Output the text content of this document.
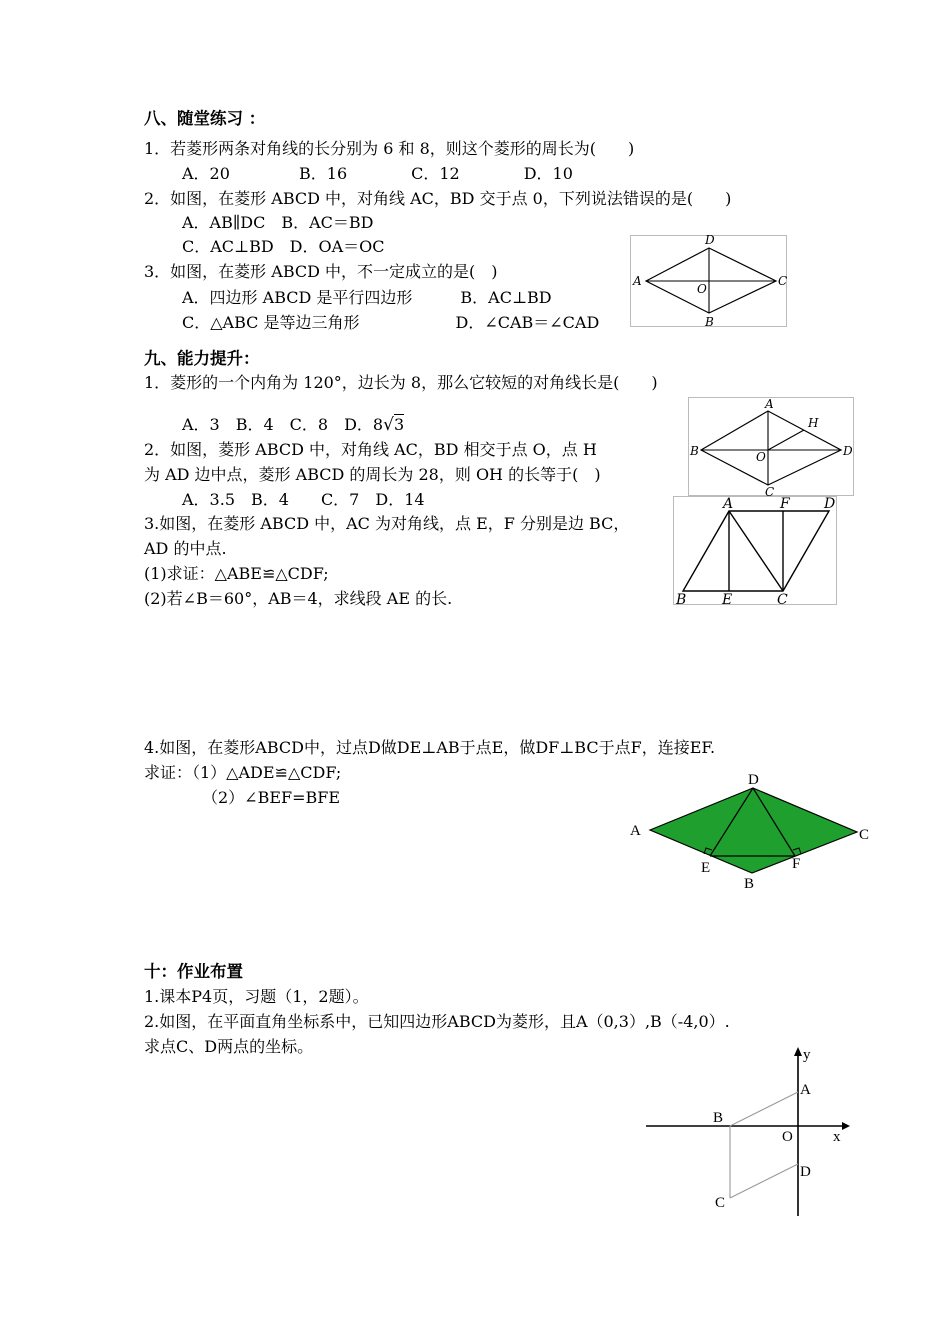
八、随堂练习 ：
1．若菱形两条对角线的长分别为 6 和 8，则这个菱形的周长为(　　)
A．20　　　　 B．16　　　　C．12　　　　D．10
2．如图，在菱形 ABCD 中，对角线 AC，BD 交于点 0，下列说法错误的是(　　)
A．AB∥DC　B．AC＝BD
C．AC⊥BD　D．OA＝OC
3．如图，在菱形 ABCD 中，不一定成立的是(　)
A．四边形 ABCD 是平行四边形　　　B．AC⊥BD
C．△ABC 是等边三角形　　　　　　D．∠CAB＝∠CAD
A
D
C
B
O
九、能力提升：
1．菱形的一个内角为 120°，边长为 8，那么它较短的对角线长是(　　)
A．3　B．4　C．8　D．8√3
2．如图，菱形 ABCD 中，对角线 AC，BD 相交于点 O，点 H
为 AD 边中点，菱形 ABCD 的周长为 28，则 OH 的长等于(　)
A．3.5　B．4　　C．7　D．14
3.如图，在菱形 ABCD 中，AC 为对角线，点 E，F 分别是边 BC，
AD 的中点.
(1)求证：△ABE≌△CDF;
(2)若∠B＝60°，AB＝4，求线段 AE 的长.
B
A
D
C
O
H
A	F D
B	E	C
4.如图，在菱形ABCD中，过点D做DE⊥AB于点E，做DF⊥BC于点F，连接EF.
求证：（1）△ADE≌△CDF;
（2）∠BEF=BFE
D
A	C
E	F
B
十：作业布置
1.课本P4页，习题（1，2题）。
2.如图，在平面直角坐标系中，已知四边形ABCD为菱形，且A（0,3）,B（-4,0）.
求点C、D两点的坐标。	y
x
A
B
O
D
C
